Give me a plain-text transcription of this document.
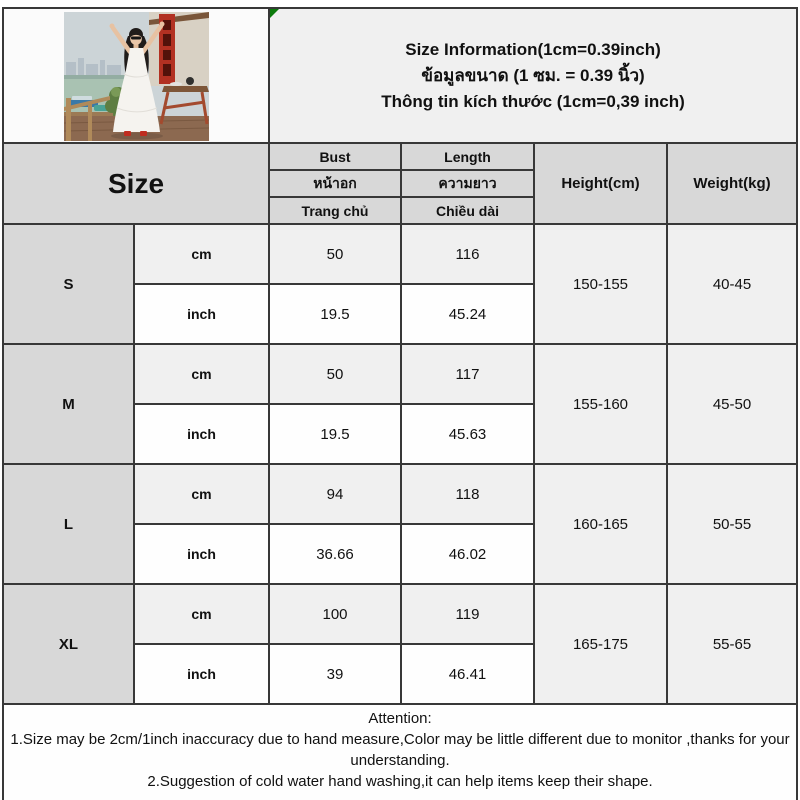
Size Information(1cm=0.39inch)
ข้อมูลขนาด (1 ซม. = 0.39 นิ้ว)
Thông tin kích thước (1cm=0,39 inch)			

Size		Bust	Length	Height(cm)	Weight(kg)
		หน้าอก	ความยาว		
		Trang chủ	Chiều dài		
S	cm	50	116	150-155	40-45
	inch	19.5	45.24		
M	cm	50	117	155-160	45-50
	inch	19.5	45.63		
L	cm	94	118	160-165	50-55
	inch	36.66	46.02		
XL	cm	100	119	165-175	55-65
	inch	39	46.41		

Attention:
1.Size may be 2cm/1inch inaccuracy due to hand measure,Color may be little different due to monitor ,thanks for your understanding.
2.Suggestion of cold water hand washing,it can help items keep their shape.					
